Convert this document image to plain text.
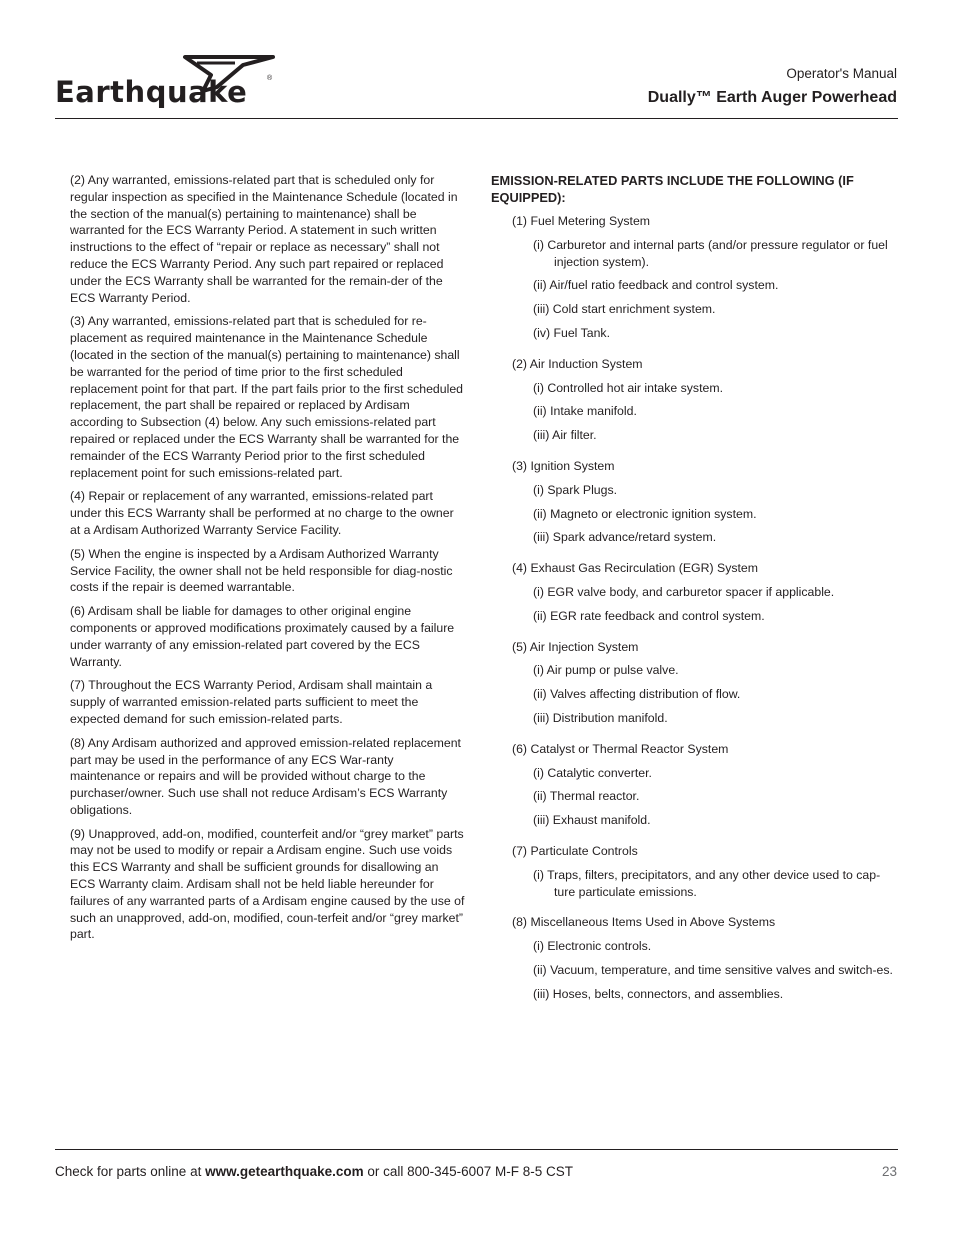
Earthquake	®	Operator's Manual
Dually™ Earth Auger Powerhead

(2) Any warranted, emissions-related part that is scheduled only for regular inspection as specified in the Maintenance Schedule (located in the section of the manual(s) pertaining to maintenance) shall be warranted for the ECS Warranty Period. A statement in such written instructions to the effect of “repair or replace as necessary” shall not reduce the ECS Warranty Period. Any such part repaired or replaced under the ECS Warranty shall be warranted for the remain-der of the ECS Warranty Period.

(3) Any warranted, emissions-related part that is scheduled for re-placement as required maintenance in the Maintenance Schedule (located in the section of the manual(s) pertaining to maintenance) shall be warranted for the period of time prior to the first scheduled replacement point for that part. If the part fails prior to the first scheduled replacement, the part shall be repaired or replaced by Ardisam according to Subsection (4) below. Any such emissions-related part repaired or replaced under the ECS Warranty shall be warranted for the remainder of the ECS Warranty Period prior to the first scheduled replacement point for such emissions-related part.

(4) Repair or replacement of any warranted, emissions-related part under this ECS Warranty shall be performed at no charge to the owner at a Ardisam Authorized Warranty Service Facility.

(5) When the engine is inspected by a Ardisam Authorized Warranty Service Facility, the owner shall not be held responsible for diag-nostic costs if the repair is deemed warrantable.

(6) Ardisam shall be liable for damages to other original engine components or approved modifications proximately caused by a failure under warranty of any emission-related part covered by the ECS Warranty.

(7) Throughout the ECS Warranty Period, Ardisam shall maintain a supply of warranted emission-related parts sufficient to meet the expected demand for such emission-related parts.

(8) Any Ardisam authorized and approved emission-related replacement part may be used in the performance of any ECS War-ranty maintenance or repairs and will be provided without charge to the purchaser/owner. Such use shall not reduce Ardisam’s ECS Warranty obligations.

(9) Unapproved, add-on, modified, counterfeit and/or “grey market” parts may not be used to modify or repair a Ardisam engine. Such use voids this ECS Warranty and shall be sufficient grounds for disallowing an ECS Warranty claim. Ardisam shall not be held liable hereunder for failures of any warranted parts of a Ardisam engine caused by the use of such an unapproved, add-on, modified, coun-terfeit and/or “grey market” part.

EMISSION-RELATED PARTS INCLUDE THE FOLLOWING (IF EQUIPPED):
(1) Fuel Metering System
(i) Carburetor and internal parts (and/or pressure regulator or fuel injection system).
(ii) Air/fuel ratio feedback and control system.
(iii) Cold start enrichment system.
(iv) Fuel Tank.
(2) Air Induction System
(i) Controlled hot air intake system.
(ii) Intake manifold.
(iii) Air filter.
(3) Ignition System
(i) Spark Plugs.
(ii) Magneto or electronic ignition system.
(iii) Spark advance/retard system.
(4) Exhaust Gas Recirculation (EGR) System
(i) EGR valve body, and carburetor spacer if applicable.
(ii) EGR rate feedback and control system.
(5) Air Injection System
(i) Air pump or pulse valve.
(ii) Valves affecting distribution of flow.
(iii) Distribution manifold.
(6) Catalyst or Thermal Reactor System
(i) Catalytic converter.
(ii) Thermal reactor.
(iii) Exhaust manifold.
(7) Particulate Controls
(i) Traps, filters, precipitators, and any other device used to cap-ture particulate emissions.
(8) Miscellaneous Items Used in Above Systems
(i) Electronic controls.
(ii) Vacuum, temperature, and time sensitive valves and switch-es.
(iii) Hoses, belts, connectors, and assemblies.
Check for parts online at www.getearthquake.com or call 800-345-6007 M-F 8-5 CST	23
